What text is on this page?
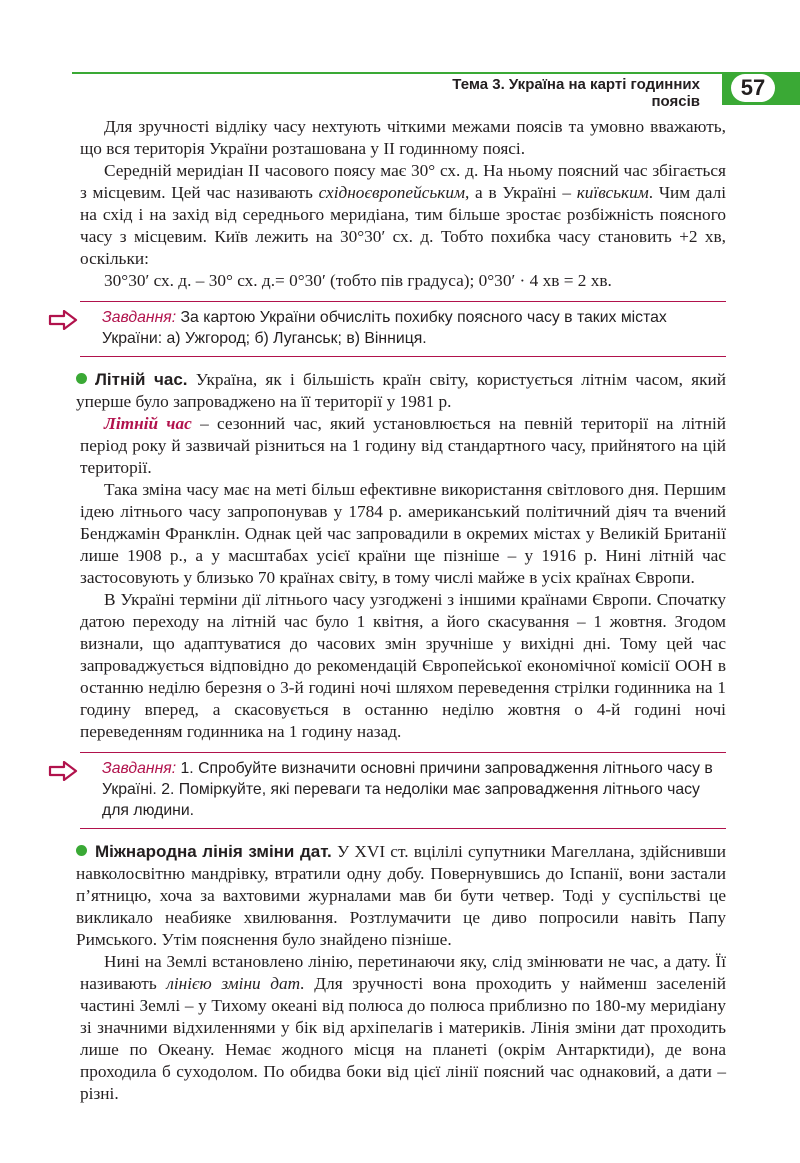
Тема 3. Україна на карті годинних поясів
57

Для зручності відліку часу нехтують чіткими межами поясів та умовно вважають, що вся територія України розташована у II годинному поясі.

Середній меридіан II часового поясу має 30° сх. д. На ньому поясний час збігається з місцевим. Цей час називають східноєвропейським, а в Україні – київським. Чим далі на схід і на захід від середнього меридіана, тим більше зростає розбіжність поясного часу з місцевим. Київ лежить на 30°30′ сх. д. Тобто похибка часу становить +2 хв, оскільки:

30°30′ сх. д. – 30° сх. д.= 0°30′ (тобто пів градуса); 0°30′ · 4 хв = 2 хв.

Завдання: За картою України обчисліть похибку поясного часу в таких містах України: а) Ужгород; б) Луганськ; в) Вінниця.

Літній час. Україна, як і більшість країн світу, користується літнім часом, який уперше було запроваджено на її території у 1981 р.

Літній час – сезонний час, який установлюється на певній території на літній період року й зазвичай різниться на 1 годину від стандартного часу, прийнятого на цій території.

Така зміна часу має на меті більш ефективне використання світлового дня. Першим ідею літнього часу запропонував у 1784 р. американський політичний діяч та вчений Бенджамін Франклін. Однак цей час запровадили в окремих містах у Великій Британії лише 1908 р., а у масштабах усієї країни ще пізніше – у 1916 р. Нині літній час застосовують у близько 70 країнах світу, в тому числі майже в усіх країнах Європи.

В Україні терміни дії літнього часу узгоджені з іншими країнами Європи. Спочатку датою переходу на літній час було 1 квітня, а його скасування – 1 жовтня. Згодом визнали, що адаптуватися до часових змін зручніше у вихідні дні. Тому цей час запроваджується відповідно до рекомендацій Європейської економічної комісії ООН в останню неділю березня о 3-й годині ночі шляхом переведення стрілки годинника на 1 годину вперед, а скасовується в останню неділю жовтня о 4-й годині ночі переведенням годинника на 1 годину назад.

Завдання: 1. Спробуйте визначити основні причини запровадження літнього часу в Україні. 2. Поміркуйте, які переваги та недоліки має запровадження літнього часу для людини.

Міжнародна лінія зміни дат. У XVI ст. вцілілі супутники Магеллана, здійснивши навколосвітню мандрівку, втратили одну добу. Повернувшись до Іспанії, вони застали п’ятницю, хоча за вахтовими журналами мав би бути четвер. Тоді у суспільстві це викликало неабияке хвилювання. Розтлумачити це диво попросили навіть Папу Римського. Утім пояснення було знайдено пізніше.

Нині на Землі встановлено лінію, перетинаючи яку, слід змінювати не час, а дату. Її називають лінією зміни дат. Для зручності вона проходить у найменш заселеній частині Землі – у Тихому океані від полюса до полюса приблизно по 180-му меридіану зі значними відхиленнями у бік від архіпелагів і материків. Лінія зміни дат проходить лише по Океану. Немає жодного місця на планеті (окрім Антарктиди), де вона проходила б суходолом. По обидва боки від цієї лінії поясний час однаковий, а дати – різні.
